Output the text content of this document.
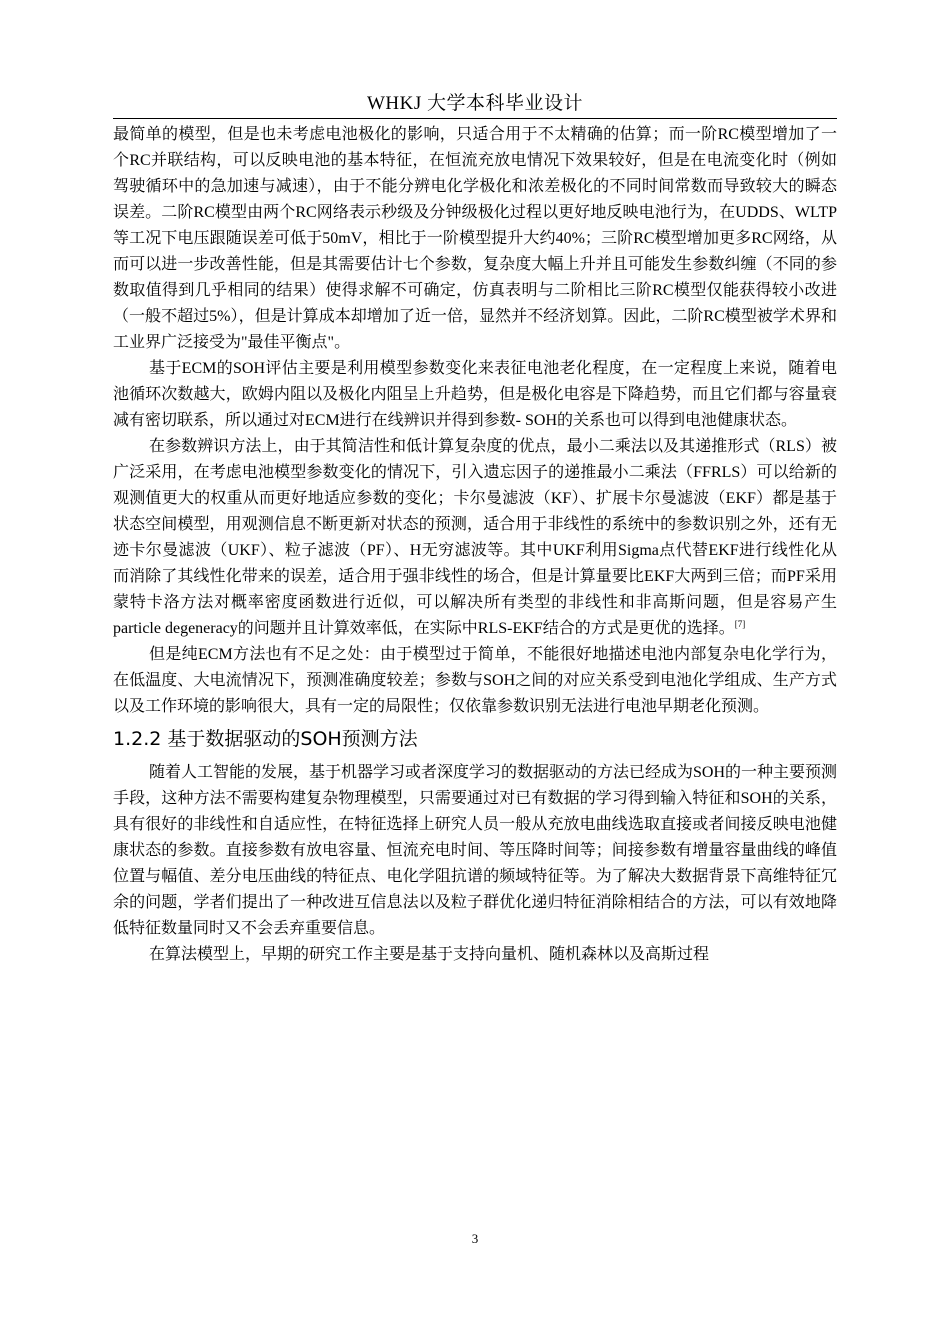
WHKJ 大学本科毕业设计

最简单的模型，但是也未考虑电池极化的影响，只适合用于不太精确的估算；而一阶RC模型增加了一个RC并联结构，可以反映电池的基本特征，在恒流充放电情况下效果较好，但是在电流变化时（例如驾驶循环中的急加速与减速），由于不能分辨电化学极化和浓差极化的不同时间常数而导致较大的瞬态误差。二阶RC模型由两个RC网络表示秒级及分钟级极化过程以更好地反映电池行为，在UDDS、WLTP等工况下电压跟随误差可低于50mV，相比于一阶模型提升大约40%；三阶RC模型增加更多RC网络，从而可以进一步改善性能，但是其需要估计七个参数，复杂度大幅上升并且可能发生参数纠缠（不同的参数取值得到几乎相同的结果）使得求解不可确定，仿真表明与二阶相比三阶RC模型仅能获得较小改进（一般不超过5%），但是计算成本却增加了近一倍，显然并不经济划算。因此，二阶RC模型被学术界和工业界广泛接受为"最佳平衡点"。

基于ECM的SOH评估主要是利用模型参数变化来表征电池老化程度，在一定程度上来说，随着电池循环次数越大，欧姆内阻以及极化内阻呈上升趋势，但是极化电容是下降趋势，而且它们都与容量衰减有密切联系，所以通过对ECM进行在线辨识并得到参数- SOH的关系也可以得到电池健康状态。

在参数辨识方法上，由于其简洁性和低计算复杂度的优点，最小二乘法以及其递推形式（RLS）被广泛采用，在考虑电池模型参数变化的情况下，引入遗忘因子的递推最小二乘法（FFRLS）可以给新的观测值更大的权重从而更好地适应参数的变化；卡尔曼滤波（KF）、扩展卡尔曼滤波（EKF）都是基于状态空间模型，用观测信息不断更新对状态的预测，适合用于非线性的系统中的参数识别之外，还有无迹卡尔曼滤波（UKF）、粒子滤波（PF）、H无穷滤波等。其中UKF利用Sigma点代替EKF进行线性化从而消除了其线性化带来的误差，适合用于强非线性的场合，但是计算量要比EKF大两到三倍；而PF采用蒙特卡洛方法对概率密度函数进行近似，可以解决所有类型的非线性和非高斯问题，但是容易产生particle degeneracy的问题并且计算效率低，在实际中RLS-EKF结合的方式是更优的选择。[7]

但是纯ECM方法也有不足之处：由于模型过于简单，不能很好地描述电池内部复杂电化学行为，在低温度、大电流情况下，预测准确度较差；参数与SOH之间的对应关系受到电池化学组成、生产方式以及工作环境的影响很大，具有一定的局限性；仅依靠参数识别无法进行电池早期老化预测。

1.2.2 基于数据驱动的SOH预测方法

随着人工智能的发展，基于机器学习或者深度学习的数据驱动的方法已经成为SOH的一种主要预测手段，这种方法不需要构建复杂物理模型，只需要通过对已有数据的学习得到输入特征和SOH的关系，具有很好的非线性和自适应性，在特征选择上研究人员一般从充放电曲线选取直接或者间接反映电池健康状态的参数。直接参数有放电容量、恒流充电时间、等压降时间等；间接参数有增量容量曲线的峰值位置与幅值、差分电压曲线的特征点、电化学阻抗谱的频域特征等。为了解决大数据背景下高维特征冗余的问题，学者们提出了一种改进互信息法以及粒子群优化递归特征消除相结合的方法，可以有效地降低特征数量同时又不会丢弃重要信息。

在算法模型上，早期的研究工作主要是基于支持向量机、随机森林以及高斯过程

3
